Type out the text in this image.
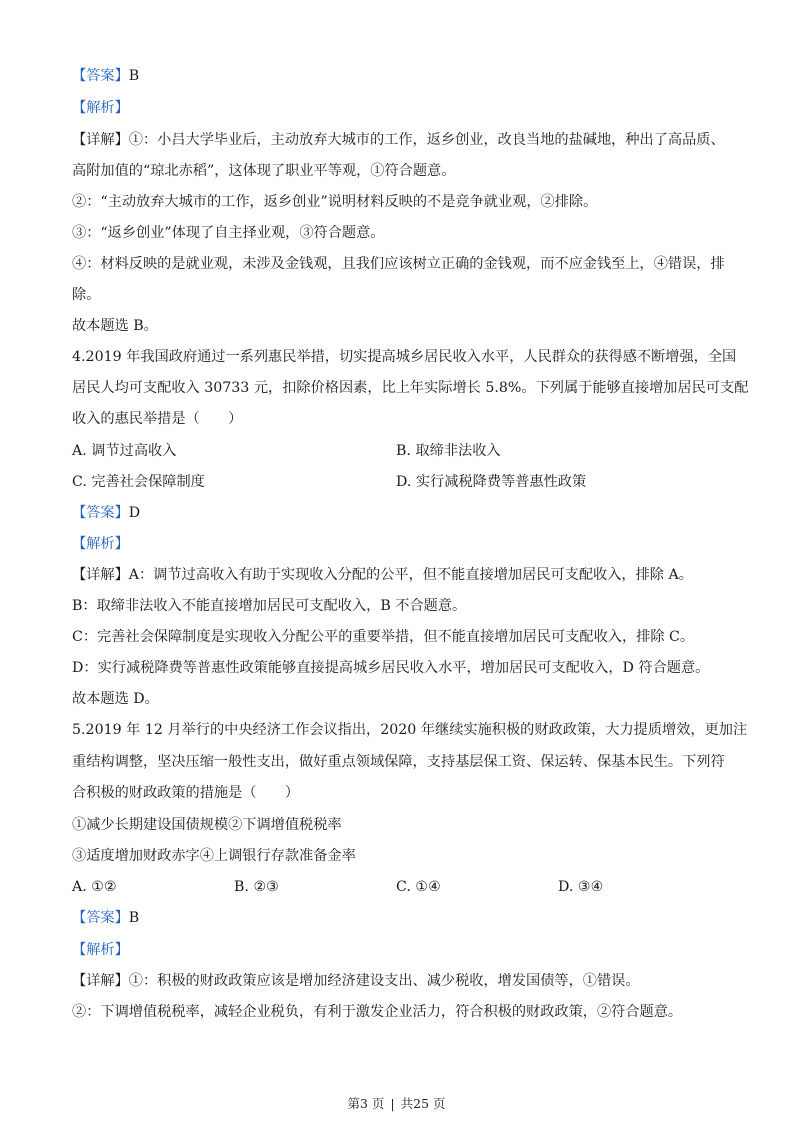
【答案】B
【解析】
【详解】①：小吕大学毕业后，主动放弃大城市的工作，返乡创业，改良当地的盐碱地，种出了高品质、
高附加值的“琼北赤稻”，这体现了职业平等观，①符合题意。
②：“主动放弃大城市的工作，返乡创业”说明材料反映的不是竞争就业观，②排除。
③：“返乡创业”体现了自主择业观，③符合题意。
④：材料反映的是就业观，未涉及金钱观，且我们应该树立正确的金钱观，而不应金钱至上，④错误，排
除。
故本题选 B。
4.2019 年我国政府通过一系列惠民举措，切实提高城乡居民收入水平，人民群众的获得感不断增强，全国
居民人均可支配收入 30733 元，扣除价格因素，比上年实际增长 5.8%。下列属于能够直接增加居民可支配
收入的惠民举措是（　　）
A. 调节过高收入	B. 取缔非法收入
C. 完善社会保障制度	D. 实行减税降费等普惠性政策
【答案】D
【解析】
【详解】A：调节过高收入有助于实现收入分配的公平，但不能直接增加居民可支配收入，排除 A。
B：取缔非法收入不能直接增加居民可支配收入，B 不合题意。
C：完善社会保障制度是实现收入分配公平的重要举措，但不能直接增加居民可支配收入，排除 C。
D：实行减税降费等普惠性政策能够直接提高城乡居民收入水平，增加居民可支配收入，D 符合题意。
故本题选 D。
5.2019 年 12 月举行的中央经济工作会议指出，2020 年继续实施积极的财政政策，大力提质增效，更加注
重结构调整，坚决压缩一般性支出，做好重点领域保障，支持基层保工资、保运转、保基本民生。下列符
合积极的财政政策的措施是（　　）
①减少长期建设国债规模②下调增值税税率
③适度增加财政赤字④上调银行存款准备金率
A. ①②	B. ②③	C. ①④	D. ③④
【答案】B
【解析】
【详解】①：积极的财政政策应该是增加经济建设支出、减少税收，增发国债等，①错误。
②：下调增值税税率，减轻企业税负，有利于激发企业活力，符合积极的财政政策，②符合题意。
第3 页 | 共25 页
